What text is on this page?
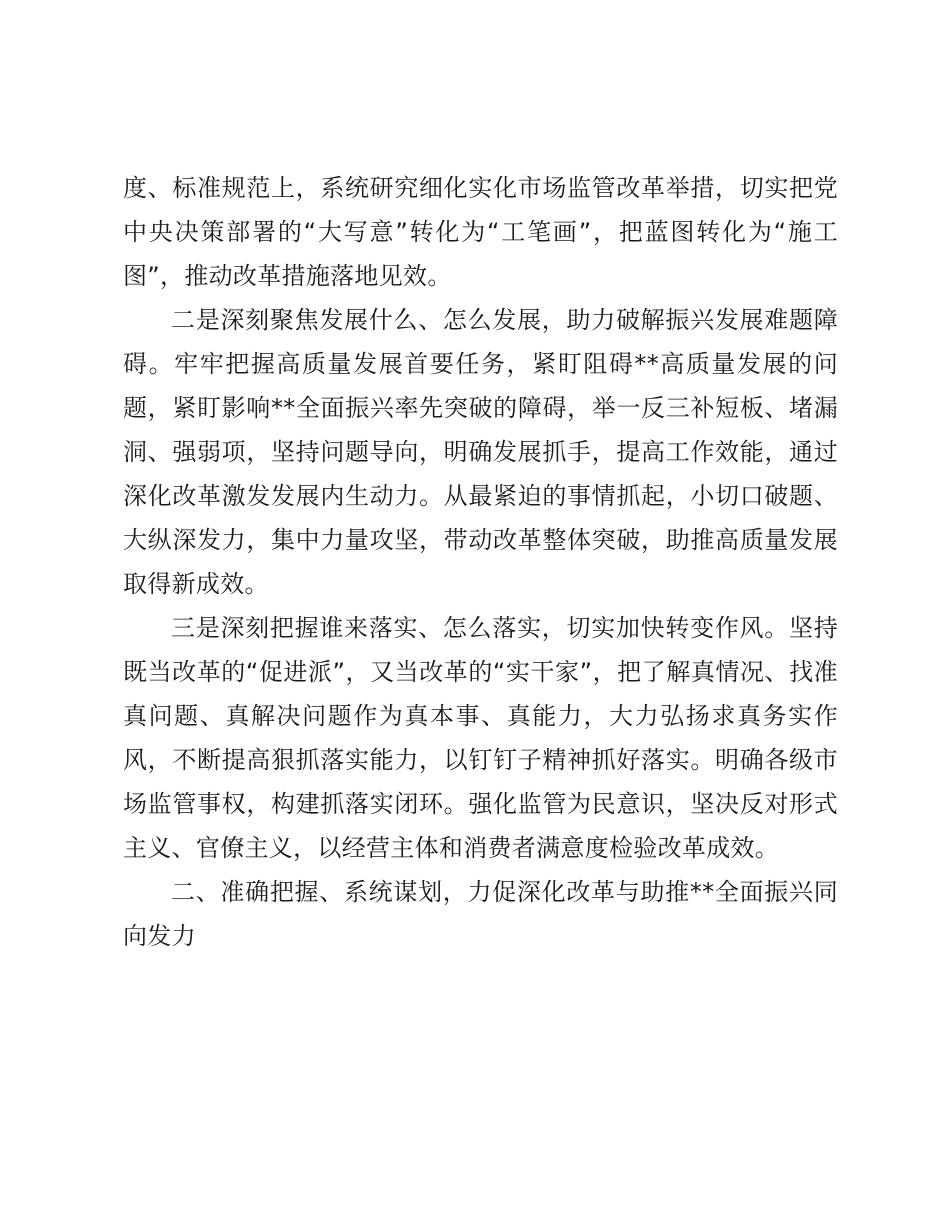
度、标准规范上，系统研究细化实化市场监管改革举措，切实把党中央决策部署的“大写意”转化为“工笔画”，把蓝图转化为“施工图”，推动改革措施落地见效。

二是深刻聚焦发展什么、怎么发展，助力破解振兴发展难题障碍。牢牢把握高质量发展首要任务，紧盯阻碍**高质量发展的问题，紧盯影响**全面振兴率先突破的障碍，举一反三补短板、堵漏洞、强弱项，坚持问题导向，明确发展抓手，提高工作效能，通过深化改革激发发展内生动力。从最紧迫的事情抓起，小切口破题、大纵深发力，集中力量攻坚，带动改革整体突破，助推高质量发展取得新成效。

三是深刻把握谁来落实、怎么落实，切实加快转变作风。坚持既当改革的“促进派”，又当改革的“实干家”，把了解真情况、找准真问题、真解决问题作为真本事、真能力，大力弘扬求真务实作风，不断提高狠抓落实能力，以钉钉子精神抓好落实。明确各级市场监管事权，构建抓落实闭环。强化监管为民意识，坚决反对形式主义、官僚主义，以经营主体和消费者满意度检验改革成效。

二、准确把握、系统谋划，力促深化改革与助推**全面振兴同向发力
